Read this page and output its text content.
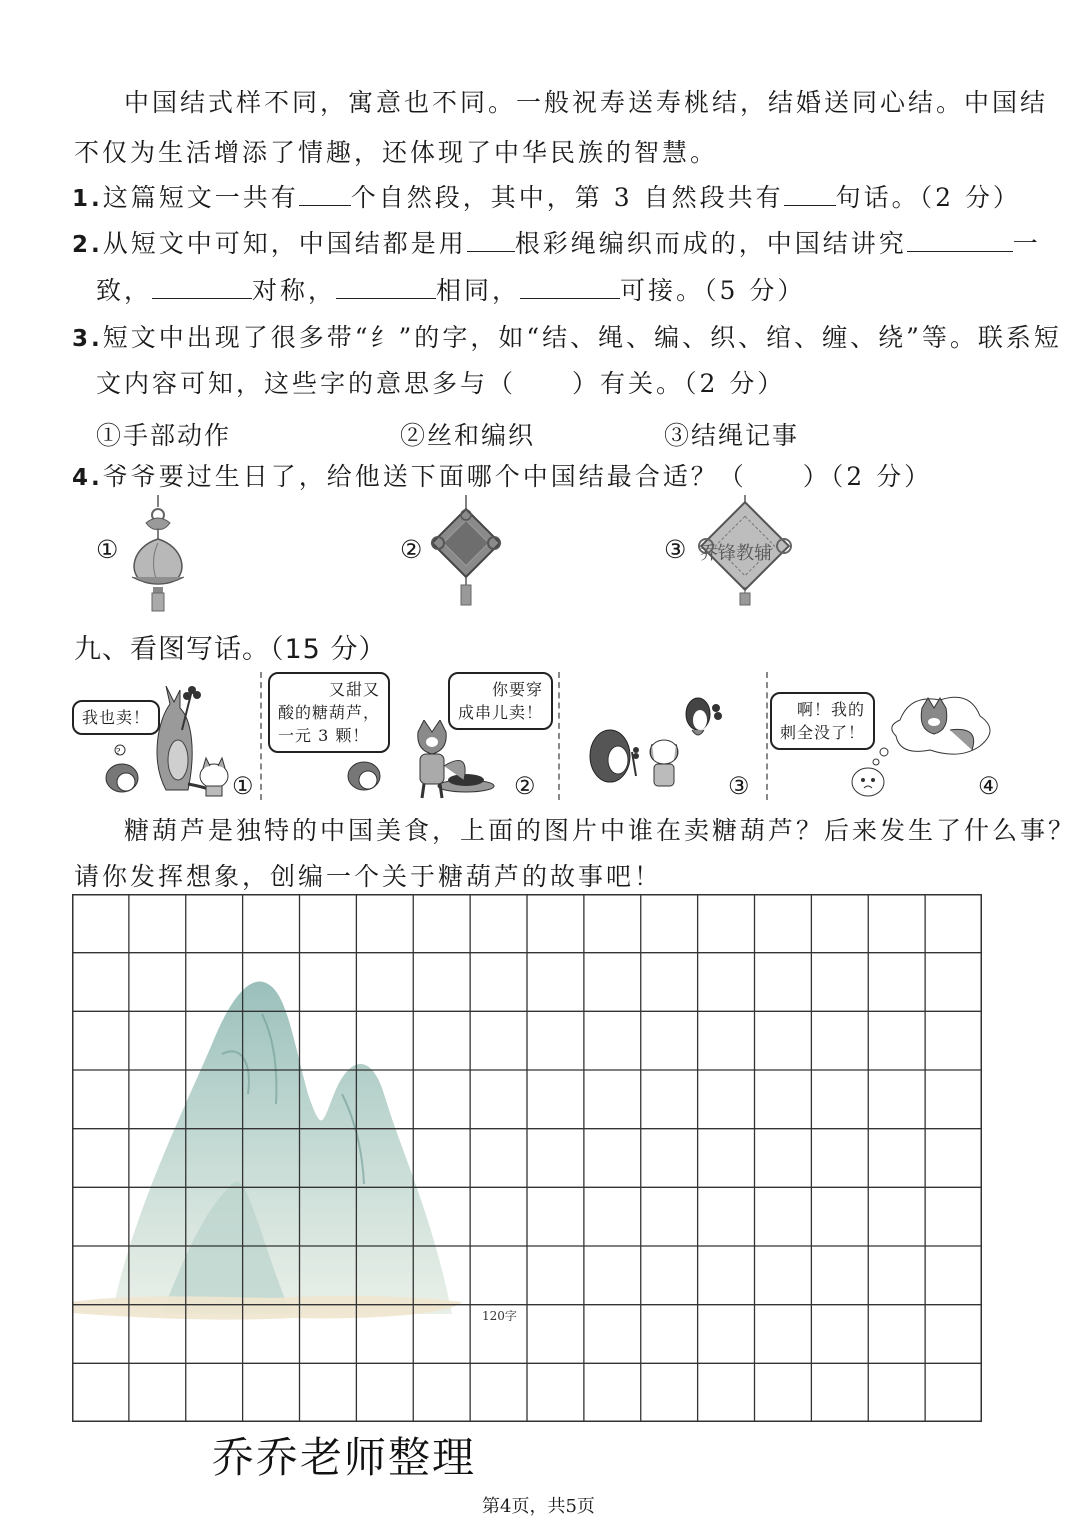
中国结式样不同，寓意也不同。一般祝寿送寿桃结，结婚送同心结。中国结
不仅为生活增添了情趣，还体现了中华民族的智慧。
1.这篇短文一共有 个自然段，其中，第 3 自然段共有 句话。（2 分）
2.从短文中可知，中国结都是用 根彩绳编织而成的，中国结讲究	一
致，	对称，	相同，	可接。（5 分）
3.短文中出现了很多带“纟”的字，如“结、绳、编、织、绾、缠、绕”等。联系短
文内容可知，这些字的意思多与（　　）有关。（2 分）
①手部动作	②丝和编织	③结绳记事
4.爷爷要过生日了，给他送下面哪个中国结最合适？（　　）（2 分）
①	②	③ 乔锋教辅
九、看图写话。（15 分）
我也卖！
?
①
又甜又
酸的糖葫芦，
一元 3 颗！
你要穿
成串儿卖！
②	③
啊！我的
刺全没了！
④
糖葫芦是独特的中国美食，上面的图片中谁在卖糖葫芦？后来发生了什么事？
请你发挥想象，创编一个关于糖葫芦的故事吧！
120字
乔乔老师整理
第4页，共5页
